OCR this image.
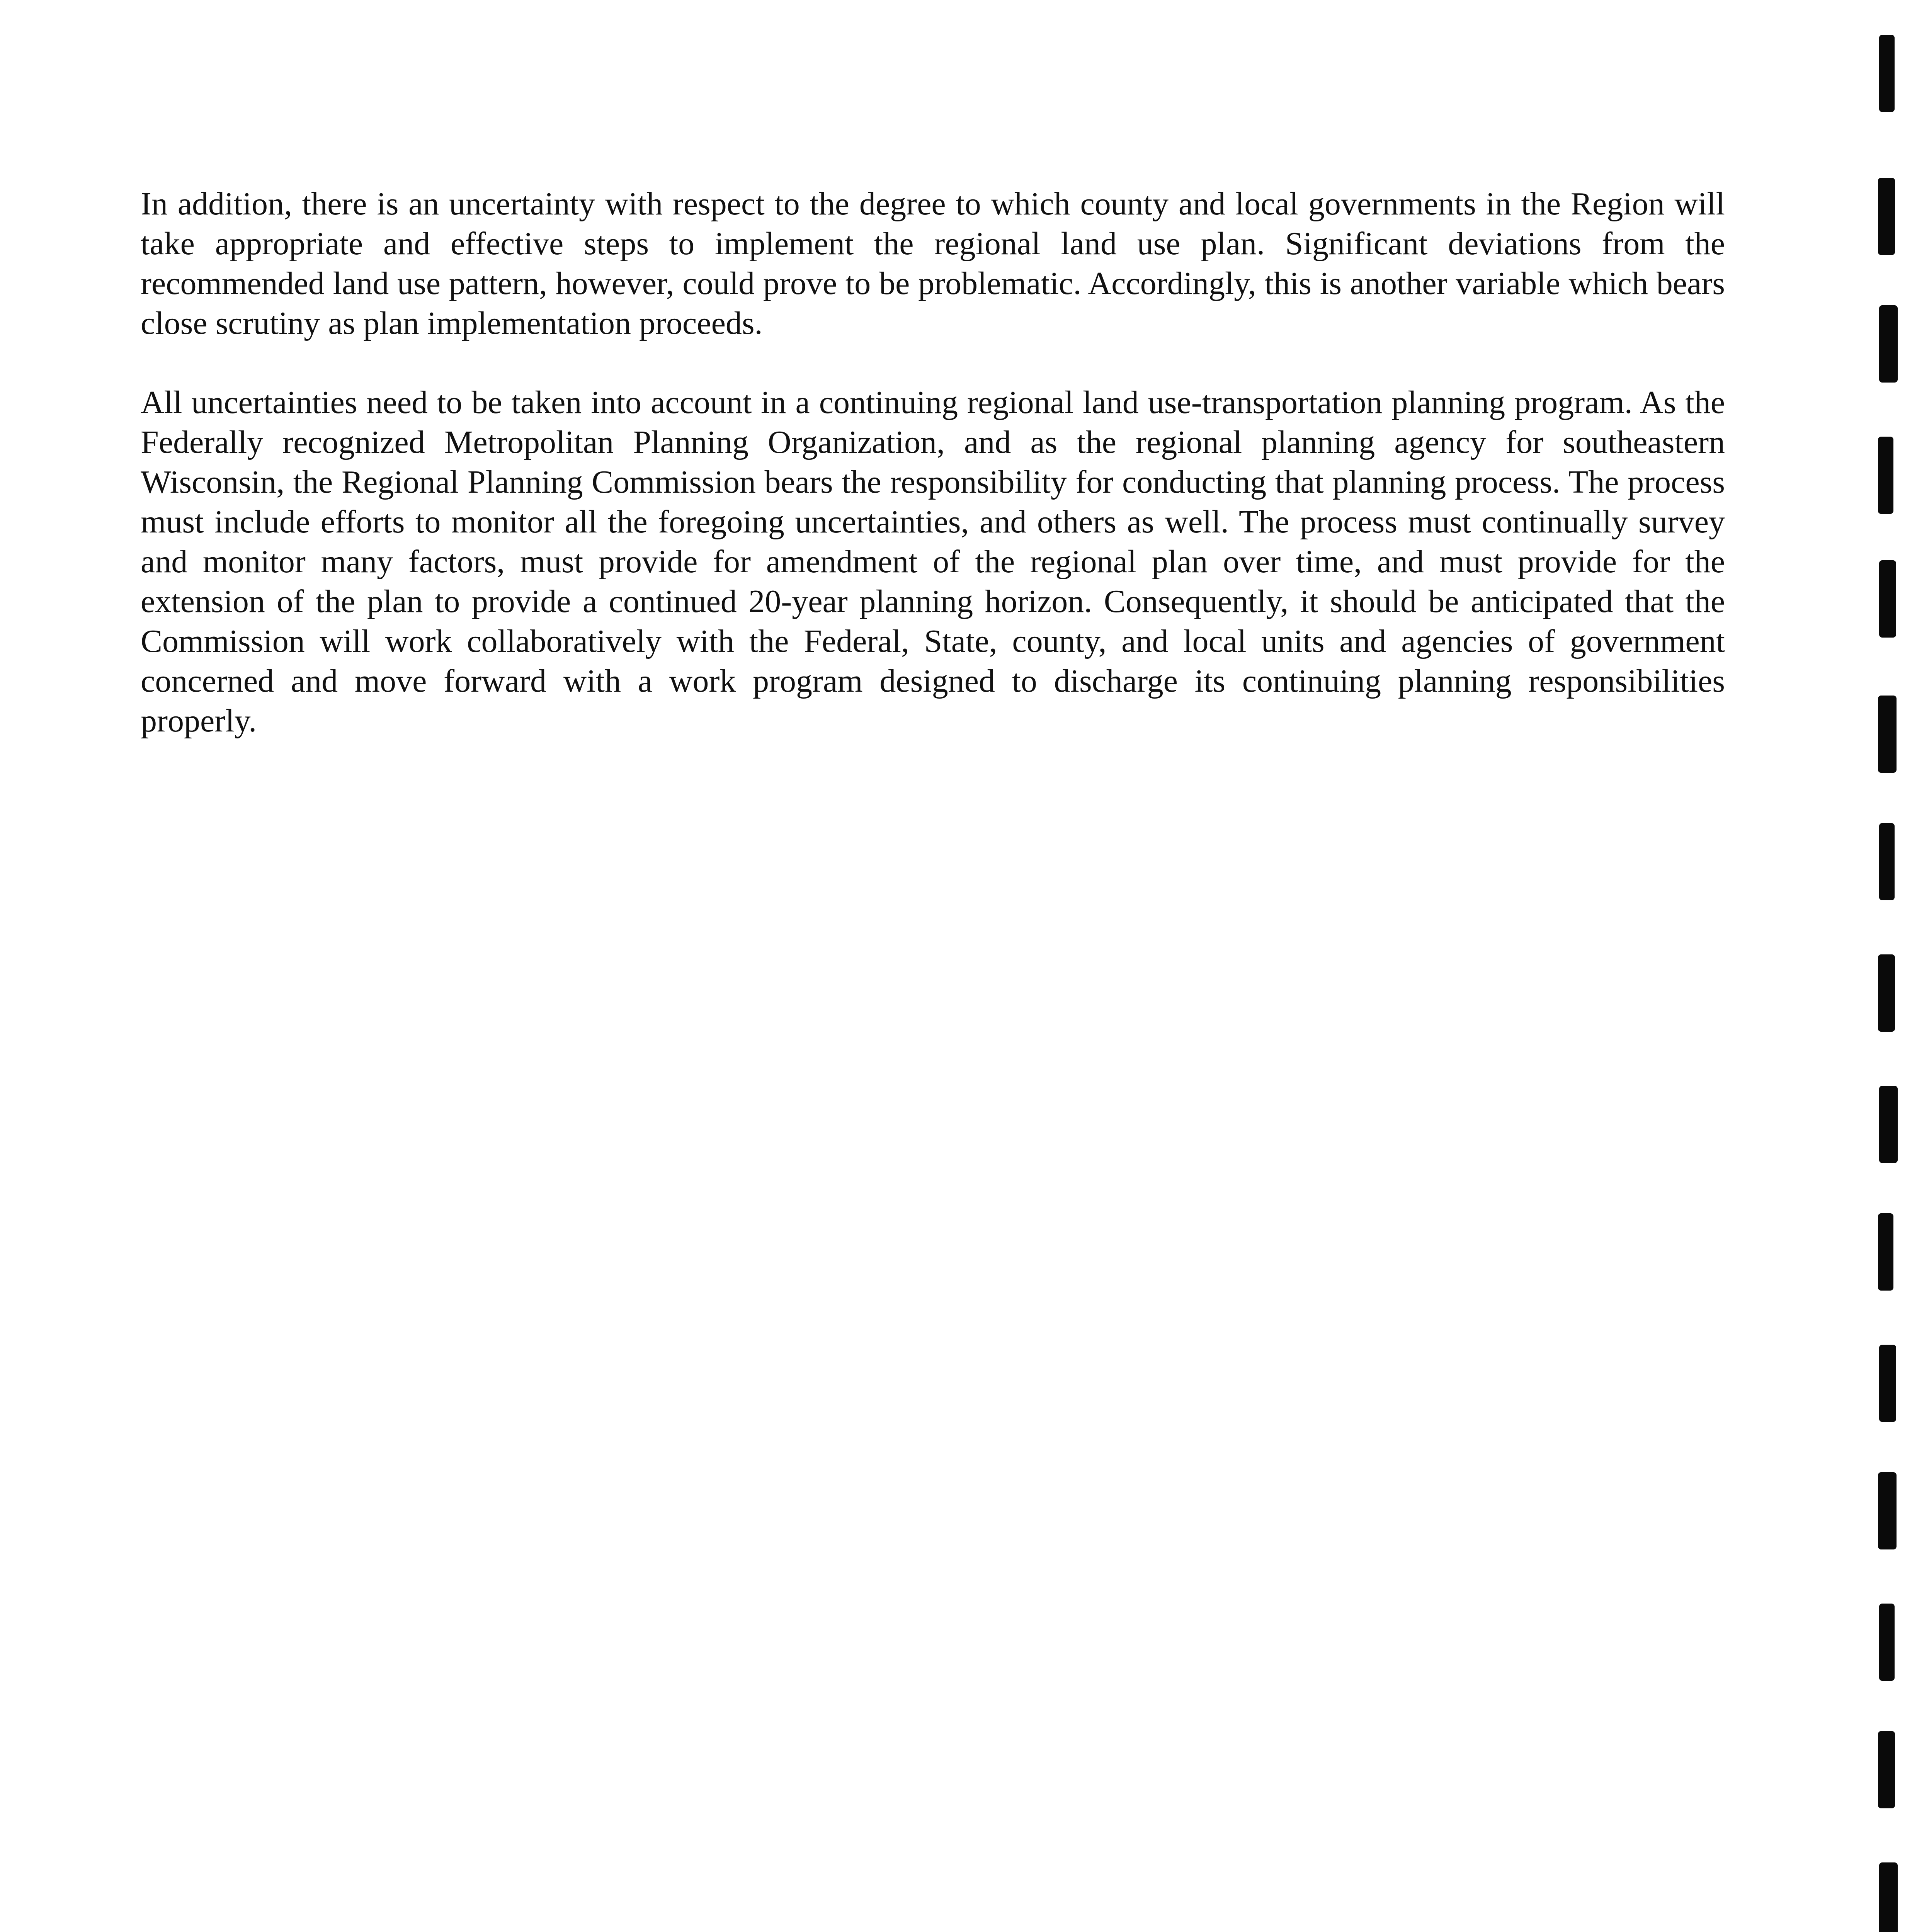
In addition, there is an uncertainty with respect to the degree to which county and local governments in the Region will take appropriate and effective steps to implement the regional land use plan. Significant deviations from the recommended land use pattern, however, could prove to be problematic. Accordingly, this is another variable which bears close scrutiny as plan implementation proceeds.

All uncertainties need to be taken into account in a continuing regional land use-transportation planning program. As the Federally recognized Metropolitan Planning Organization, and as the regional planning agency for southeastern Wisconsin, the Regional Planning Commission bears the responsibility for conducting that planning process. The process must include efforts to monitor all the foregoing uncertainties, and others as well. The process must continually survey and monitor many factors, must provide for amendment of the regional plan over time, and must provide for the extension of the plan to provide a continued 20-year planning horizon. Consequently, it should be anticipated that the Commission will work collaboratively with the Federal, State, county, and local units and agencies of government concerned and move forward with a work program designed to discharge its continuing planning responsibilities properly.
